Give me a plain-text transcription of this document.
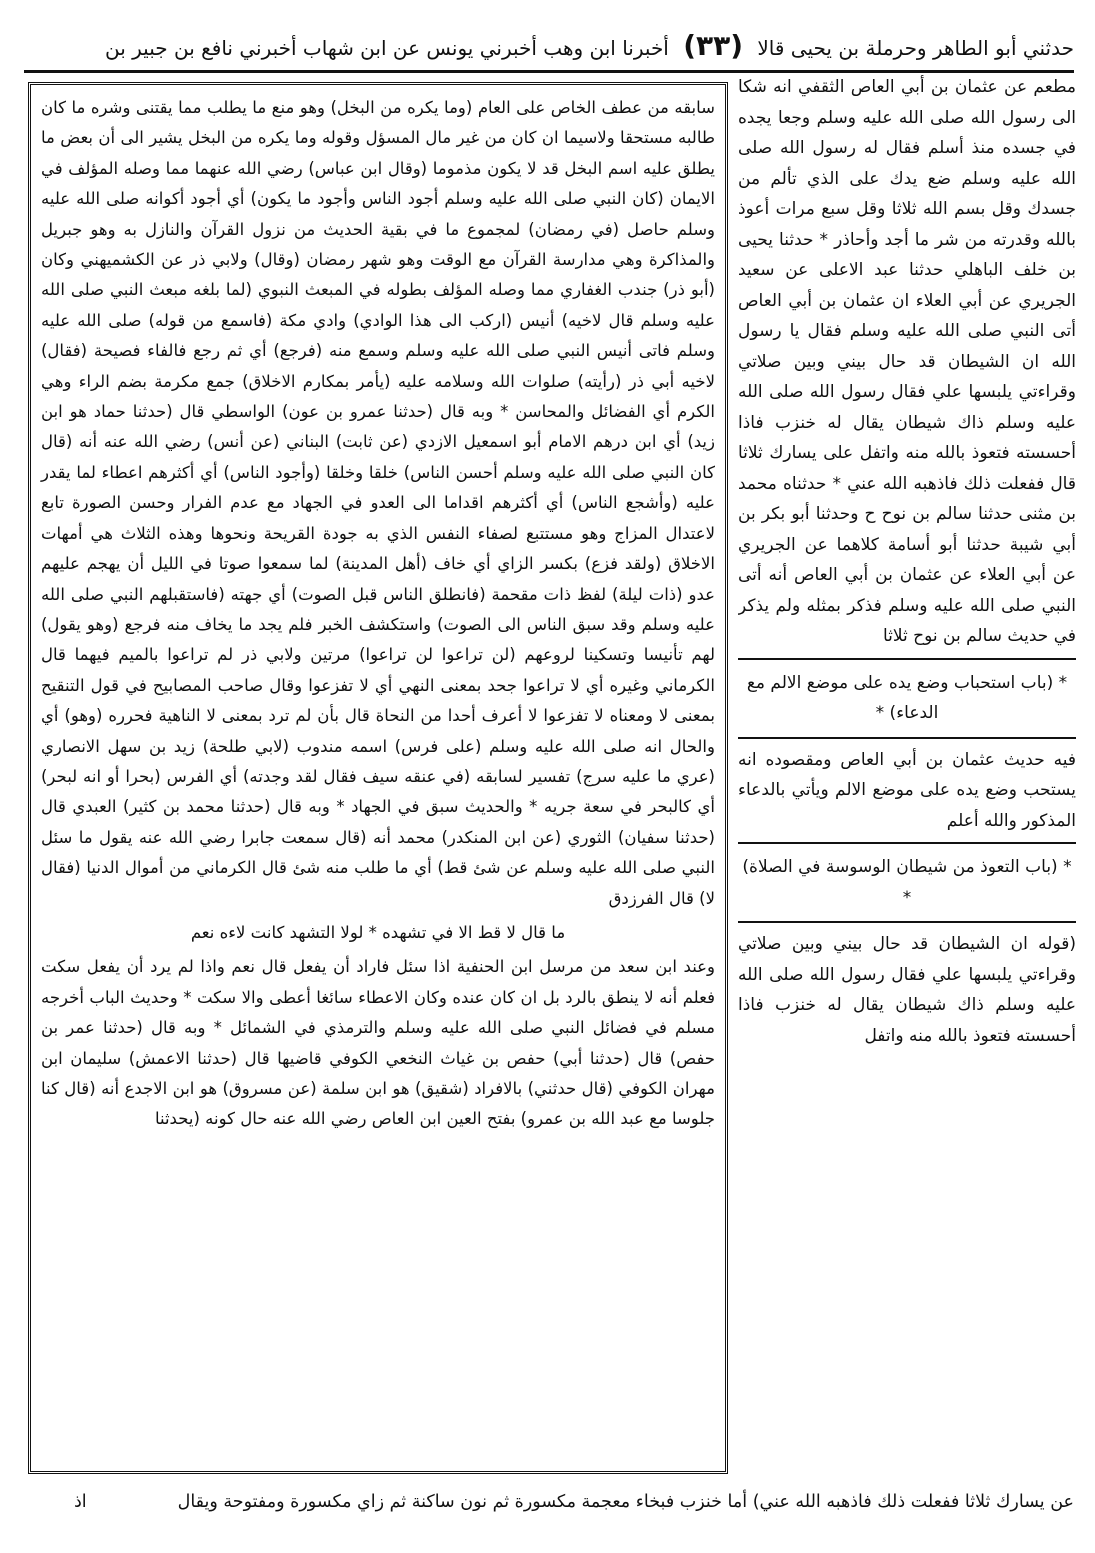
حدثني أبو الطاهر وحرملة بن يحيى قالا (٣٣) أخبرنا ابن وهب أخبرني يونس عن ابن شهاب أخبرني نافع بن جبير بن

سابقه من عطف الخاص على العام (وما يكره من البخل) وهو منع ما يطلب مما يقتنى وشره ما كان طالبه مستحقا ولاسيما ان كان من غير مال المسؤل وقوله وما يكره من البخل يشير الى أن بعض ما يطلق عليه اسم البخل قد لا يكون مذموما (وقال ابن عباس) رضي الله عنهما مما وصله المؤلف في الايمان (كان النبي صلى الله عليه وسلم أجود الناس وأجود ما يكون) أي أجود أكوانه صلى الله عليه وسلم حاصل (في رمضان) لمجموع ما في بقية الحديث من نزول القرآن والنازل به وهو جبريل والمذاكرة وهي مدارسة القرآن مع الوقت وهو شهر رمضان (وقال) ولابي ذر عن الكشميهني وكان (أبو ذر) جندب الغفاري مما وصله المؤلف بطوله في المبعث النبوي (لما بلغه مبعث النبي صلى الله عليه وسلم قال لاخيه) أنيس (اركب الى هذا الوادي) وادي مكة (فاسمع من قوله) صلى الله عليه وسلم فاتى أنيس النبي صلى الله عليه وسلم وسمع منه (فرجع) أي ثم رجع فالفاء فصيحة (فقال) لاخيه أبي ذر (رأيته) صلوات الله وسلامه عليه (يأمر بمكارم الاخلاق) جمع مكرمة بضم الراء وهي الكرم أي الفضائل والمحاسن * وبه قال (حدثنا عمرو بن عون) الواسطي قال (حدثنا حماد هو ابن زيد) أي ابن درهم الامام أبو اسمعيل الازدي (عن ثابت) البناني (عن أنس) رضي الله عنه أنه (قال كان النبي صلى الله عليه وسلم أحسن الناس) خلقا وخلقا (وأجود الناس) أي أكثرهم اعطاء لما يقدر عليه (وأشجع الناس) أي أكثرهم اقداما الى العدو في الجهاد مع عدم الفرار وحسن الصورة تابع لاعتدال المزاج وهو مستتبع لصفاء النفس الذي به جودة القريحة ونحوها وهذه الثلاث هي أمهات الاخلاق (ولقد فزع) بكسر الزاي أي خاف (أهل المدينة) لما سمعوا صوتا في الليل أن يهجم عليهم عدو (ذات ليلة) لفظ ذات مقحمة (فانطلق الناس قبل الصوت) أي جهته (فاستقبلهم النبي صلى الله عليه وسلم وقد سبق الناس الى الصوت) واستكشف الخبر فلم يجد ما يخاف منه فرجع (وهو يقول) لهم تأنيسا وتسكينا لروعهم (لن تراعوا لن تراعوا) مرتين ولابي ذر لم تراعوا بالميم فيهما قال الكرماني وغيره أي لا تراعوا جحد بمعنى النهي أي لا تفزعوا وقال صاحب المصابيح في قول التنقيح بمعنى لا ومعناه لا تفزعوا لا أعرف أحدا من النحاة قال بأن لم ترد بمعنى لا الناهية فحرره (وهو) أي والحال انه صلى الله عليه وسلم (على فرس) اسمه مندوب (لابي طلحة) زيد بن سهل الانصاري (عري ما عليه سرج) تفسير لسابقه (في عنقه سيف فقال لقد وجدته) أي الفرس (بحرا أو انه لبحر) أي كالبحر في سعة جريه * والحديث سبق في الجهاد * وبه قال (حدثنا محمد بن كثير) العبدي قال (حدثنا سفيان) الثوري (عن ابن المنكدر) محمد أنه (قال سمعت جابرا رضي الله عنه يقول ما سئل النبي صلى الله عليه وسلم عن شئ قط) أي ما طلب منه شئ قال الكرماني من أموال الدنيا (فقال لا) قال الفرزدق

ما قال لا قط الا في تشهده * لولا التشهد كانت لاءه نعم

وعند ابن سعد من مرسل ابن الحنفية اذا سئل فاراد أن يفعل قال نعم واذا لم يرد أن يفعل سكت فعلم أنه لا ينطق بالرد بل ان كان عنده وكان الاعطاء سائغا أعطى والا سكت * وحديث الباب أخرجه مسلم في فضائل النبي صلى الله عليه وسلم والترمذي في الشمائل * وبه قال (حدثنا عمر بن حفص) قال (حدثنا أبي) حفص بن غياث النخعي الكوفي قاضيها قال (حدثنا الاعمش) سليمان ابن مهران الكوفي (قال حدثني) بالافراد (شقيق) هو ابن سلمة (عن مسروق) هو ابن الاجدع أنه (قال كنا جلوسا مع عبد الله بن عمرو) بفتح العين ابن العاص رضي الله عنه حال كونه (يحدثنا

مطعم عن عثمان بن أبي العاص الثقفي انه شكا الى رسول الله صلى الله عليه وسلم وجعا يجده في جسده منذ أسلم فقال له رسول الله صلى الله عليه وسلم ضع يدك على الذي تألم من جسدك وقل بسم الله ثلاثا وقل سبع مرات أعوذ بالله وقدرته من شر ما أجد وأحاذر * حدثنا يحيى بن خلف الباهلي حدثنا عبد الاعلى عن سعيد الجريري عن أبي العلاء ان عثمان بن أبي العاص أتى النبي صلى الله عليه وسلم فقال يا رسول الله ان الشيطان قد حال بيني وبين صلاتي وقراءتي يلبسها علي فقال رسول الله صلى الله عليه وسلم ذاك شيطان يقال له خنزب فاذا أحسسته فتعوذ بالله منه واتفل على يسارك ثلاثا قال ففعلت ذلك فاذهبه الله عني * حدثناه محمد بن مثنى حدثنا سالم بن نوح ح وحدثنا أبو بكر بن أبي شيبة حدثنا أبو أسامة كلاهما عن الجريري عن أبي العلاء عن عثمان بن أبي العاص أنه أتى النبي صلى الله عليه وسلم فذكر بمثله ولم يذكر في حديث سالم بن نوح ثلاثا

* (باب استحباب وضع يده على موضع الالم مع الدعاء) *

فيه حديث عثمان بن أبي العاص ومقصوده انه يستحب وضع يده على موضع الالم ويأتي بالدعاء المذكور والله أعلم

* (باب التعوذ من شيطان الوسوسة في الصلاة) *

(قوله ان الشيطان قد حال بيني وبين صلاتي وقراءتي يلبسها علي فقال رسول الله صلى الله عليه وسلم ذاك شيطان يقال له خنزب فاذا أحسسته فتعوذ بالله منه واتفل

عن يسارك ثلاثا ففعلت ذلك فاذهبه الله عني) أما خنزب فبخاء معجمة مكسورة ثم نون ساكنة ثم زاي مكسورة ومفتوحة ويقال
اذ
